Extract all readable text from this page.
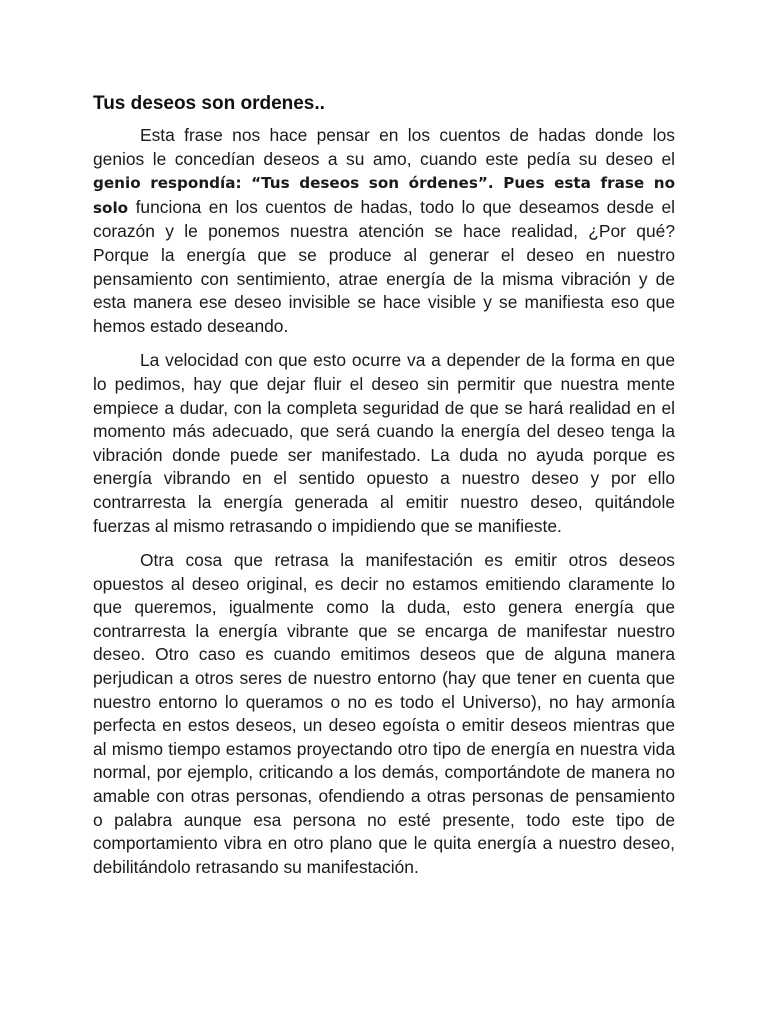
Tus deseos son ordenes..

Esta frase nos hace pensar en los cuentos de hadas donde los genios le concedían deseos a su amo, cuando este pedía su deseo el genio respondía: “Tus deseos son órdenes”. Pues esta frase no solo funciona en los cuentos de hadas, todo lo que deseamos desde el corazón y le ponemos nuestra atención se hace realidad, ¿Por qué? Porque la energía que se produce al generar el deseo en nuestro pensamiento con sentimiento, atrae energía de la misma vibración y de esta manera ese deseo invisible se hace visible y se manifiesta eso que hemos estado deseando.

La velocidad con que esto ocurre va a depender de la forma en que lo pedimos, hay que dejar fluir el deseo sin permitir que nuestra mente empiece a dudar, con la completa seguridad de que se hará realidad en el momento más adecuado, que será cuando la energía del deseo tenga la vibración donde puede ser manifestado. La duda no ayuda porque es energía vibrando en el sentido opuesto a nuestro deseo y por ello contrarresta la energía generada al emitir nuestro deseo, quitándole fuerzas al mismo retrasando o impidiendo que se manifieste.

Otra cosa que retrasa la manifestación es emitir otros deseos opuestos al deseo original, es decir no estamos emitiendo claramente lo que queremos, igualmente como la duda, esto genera energía que contrarresta la energía vibrante que se encarga de manifestar nuestro deseo. Otro caso es cuando emitimos deseos que de alguna manera perjudican a otros seres de nuestro entorno (hay que tener en cuenta que nuestro entorno lo queramos o no es todo el Universo), no hay armonía perfecta en estos deseos, un deseo egoísta o emitir deseos mientras que al mismo tiempo estamos proyectando otro tipo de energía en nuestra vida normal, por ejemplo, criticando a los demás, comportándote de manera no amable con otras personas, ofendiendo a otras personas de pensamiento o palabra aunque esa persona no esté presente, todo este tipo de comportamiento vibra en otro plano que le quita energía a nuestro deseo, debilitándolo retrasando su manifestación.
